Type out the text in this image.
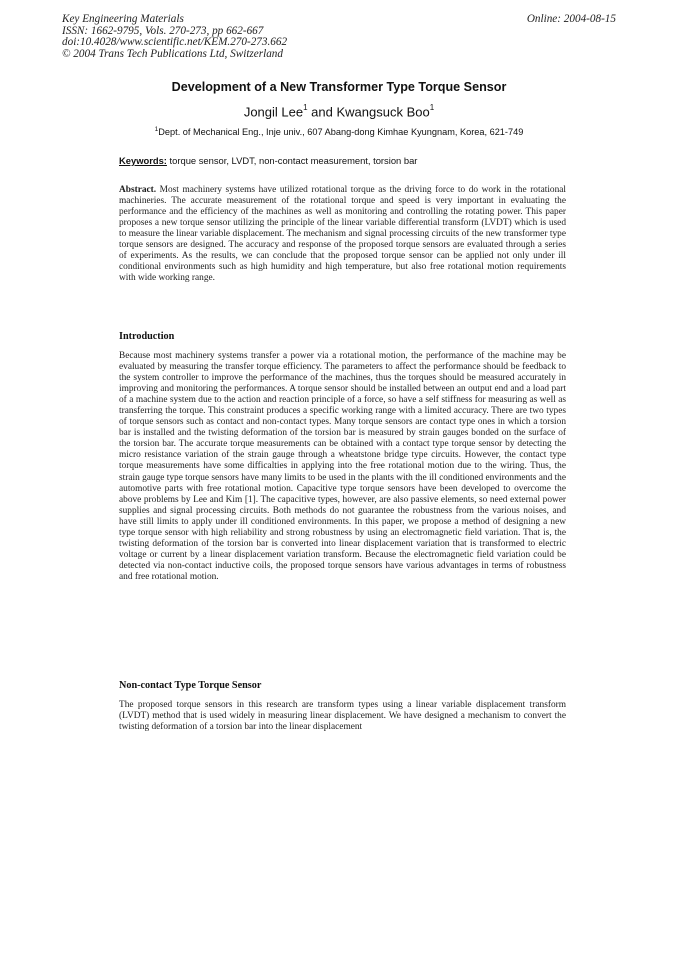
Key Engineering Materials
ISSN: 1662-9795, Vols. 270-273, pp 662-667
doi:10.4028/www.scientific.net/KEM.270-273.662
© 2004 Trans Tech Publications Ltd, Switzerland
Online: 2004-08-15
Development of a New Transformer Type Torque Sensor
Jongil Lee$^1$ and Kwangsuck Boo$^1$
$^1$Dept. of Mechanical Eng., Inje univ., 607 Abang-dong Kimhae Kyungnam, Korea, 621-749
Keywords: torque sensor, LVDT, non-contact measurement, torsion bar
Abstract. Most machinery systems have utilized rotational torque as the driving force to do work in the rotational machineries. The accurate measurement of the rotational torque and speed is very important in evaluating the performance and the efficiency of the machines as well as monitoring and controlling the rotating power. This paper proposes a new torque sensor utilizing the principle of the linear variable differential transform (LVDT) which is used to measure the linear variable displacement. The mechanism and signal processing circuits of the new transformer type torque sensors are designed. The accuracy and response of the proposed torque sensors are evaluated through a series of experiments. As the results, we can conclude that the proposed torque sensor can be applied not only under ill conditional environments such as high humidity and high temperature, but also free rotational motion requirements with wide working range.
Introduction
Because most machinery systems transfer a power via a rotational motion, the performance of the machine may be evaluated by measuring the transfer torque efficiency. The parameters to affect the performance should be feedback to the system controller to improve the performance of the machines, thus the torques should be measured accurately in improving and monitoring the performances. A torque sensor should be installed between an output end and a load part of a machine system due to the action and reaction principle of a force, so have a self stiffness for measuring as well as transferring the torque. This constraint produces a specific working range with a limited accuracy. There are two types of torque sensors such as contact and non-contact types. Many torque sensors are contact type ones in which a torsion bar is installed and the twisting deformation of the torsion bar is measured by strain gauges bonded on the surface of the torsion bar. The accurate torque measurements can be obtained with a contact type torque sensor by detecting the micro resistance variation of the strain gauge through a wheatstone bridge type circuits. However, the contact type torque measurements have some difficalties in applying into the free rotational motion due to the wiring. Thus, the strain gauge type torque sensors have many limits to be used in the plants with the ill conditioned environments and the automotive parts with free rotational motion. Capacitive type torque sensors have been developed to overcome the above problems by Lee and Kim [1]. The capacitive types, however, are also passive elements, so need external power supplies and signal processing circuits. Both methods do not guarantee the robustness from the various noises, and have still limits to apply under ill conditioned environments. In this paper, we propose a method of designing a new type torque sensor with high reliability and strong robustness by using an electromagnetic field variation. That is, the twisting deformation of the torsion bar is converted into linear displacement variation that is transformed to electric voltage or current by a linear displacement variation transform. Because the electromagnetic field variation could be detected via non-contact inductive coils, the proposed torque sensors have various advantages in terms of robustness and free rotational motion.
Non-contact Type Torque Sensor
The proposed torque sensors in this research are transform types using a linear variable displacement transform (LVDT) method that is used widely in measuring linear displacement. We have designed a mechanism to convert the twisting deformation of a torsion bar into the linear displacement
